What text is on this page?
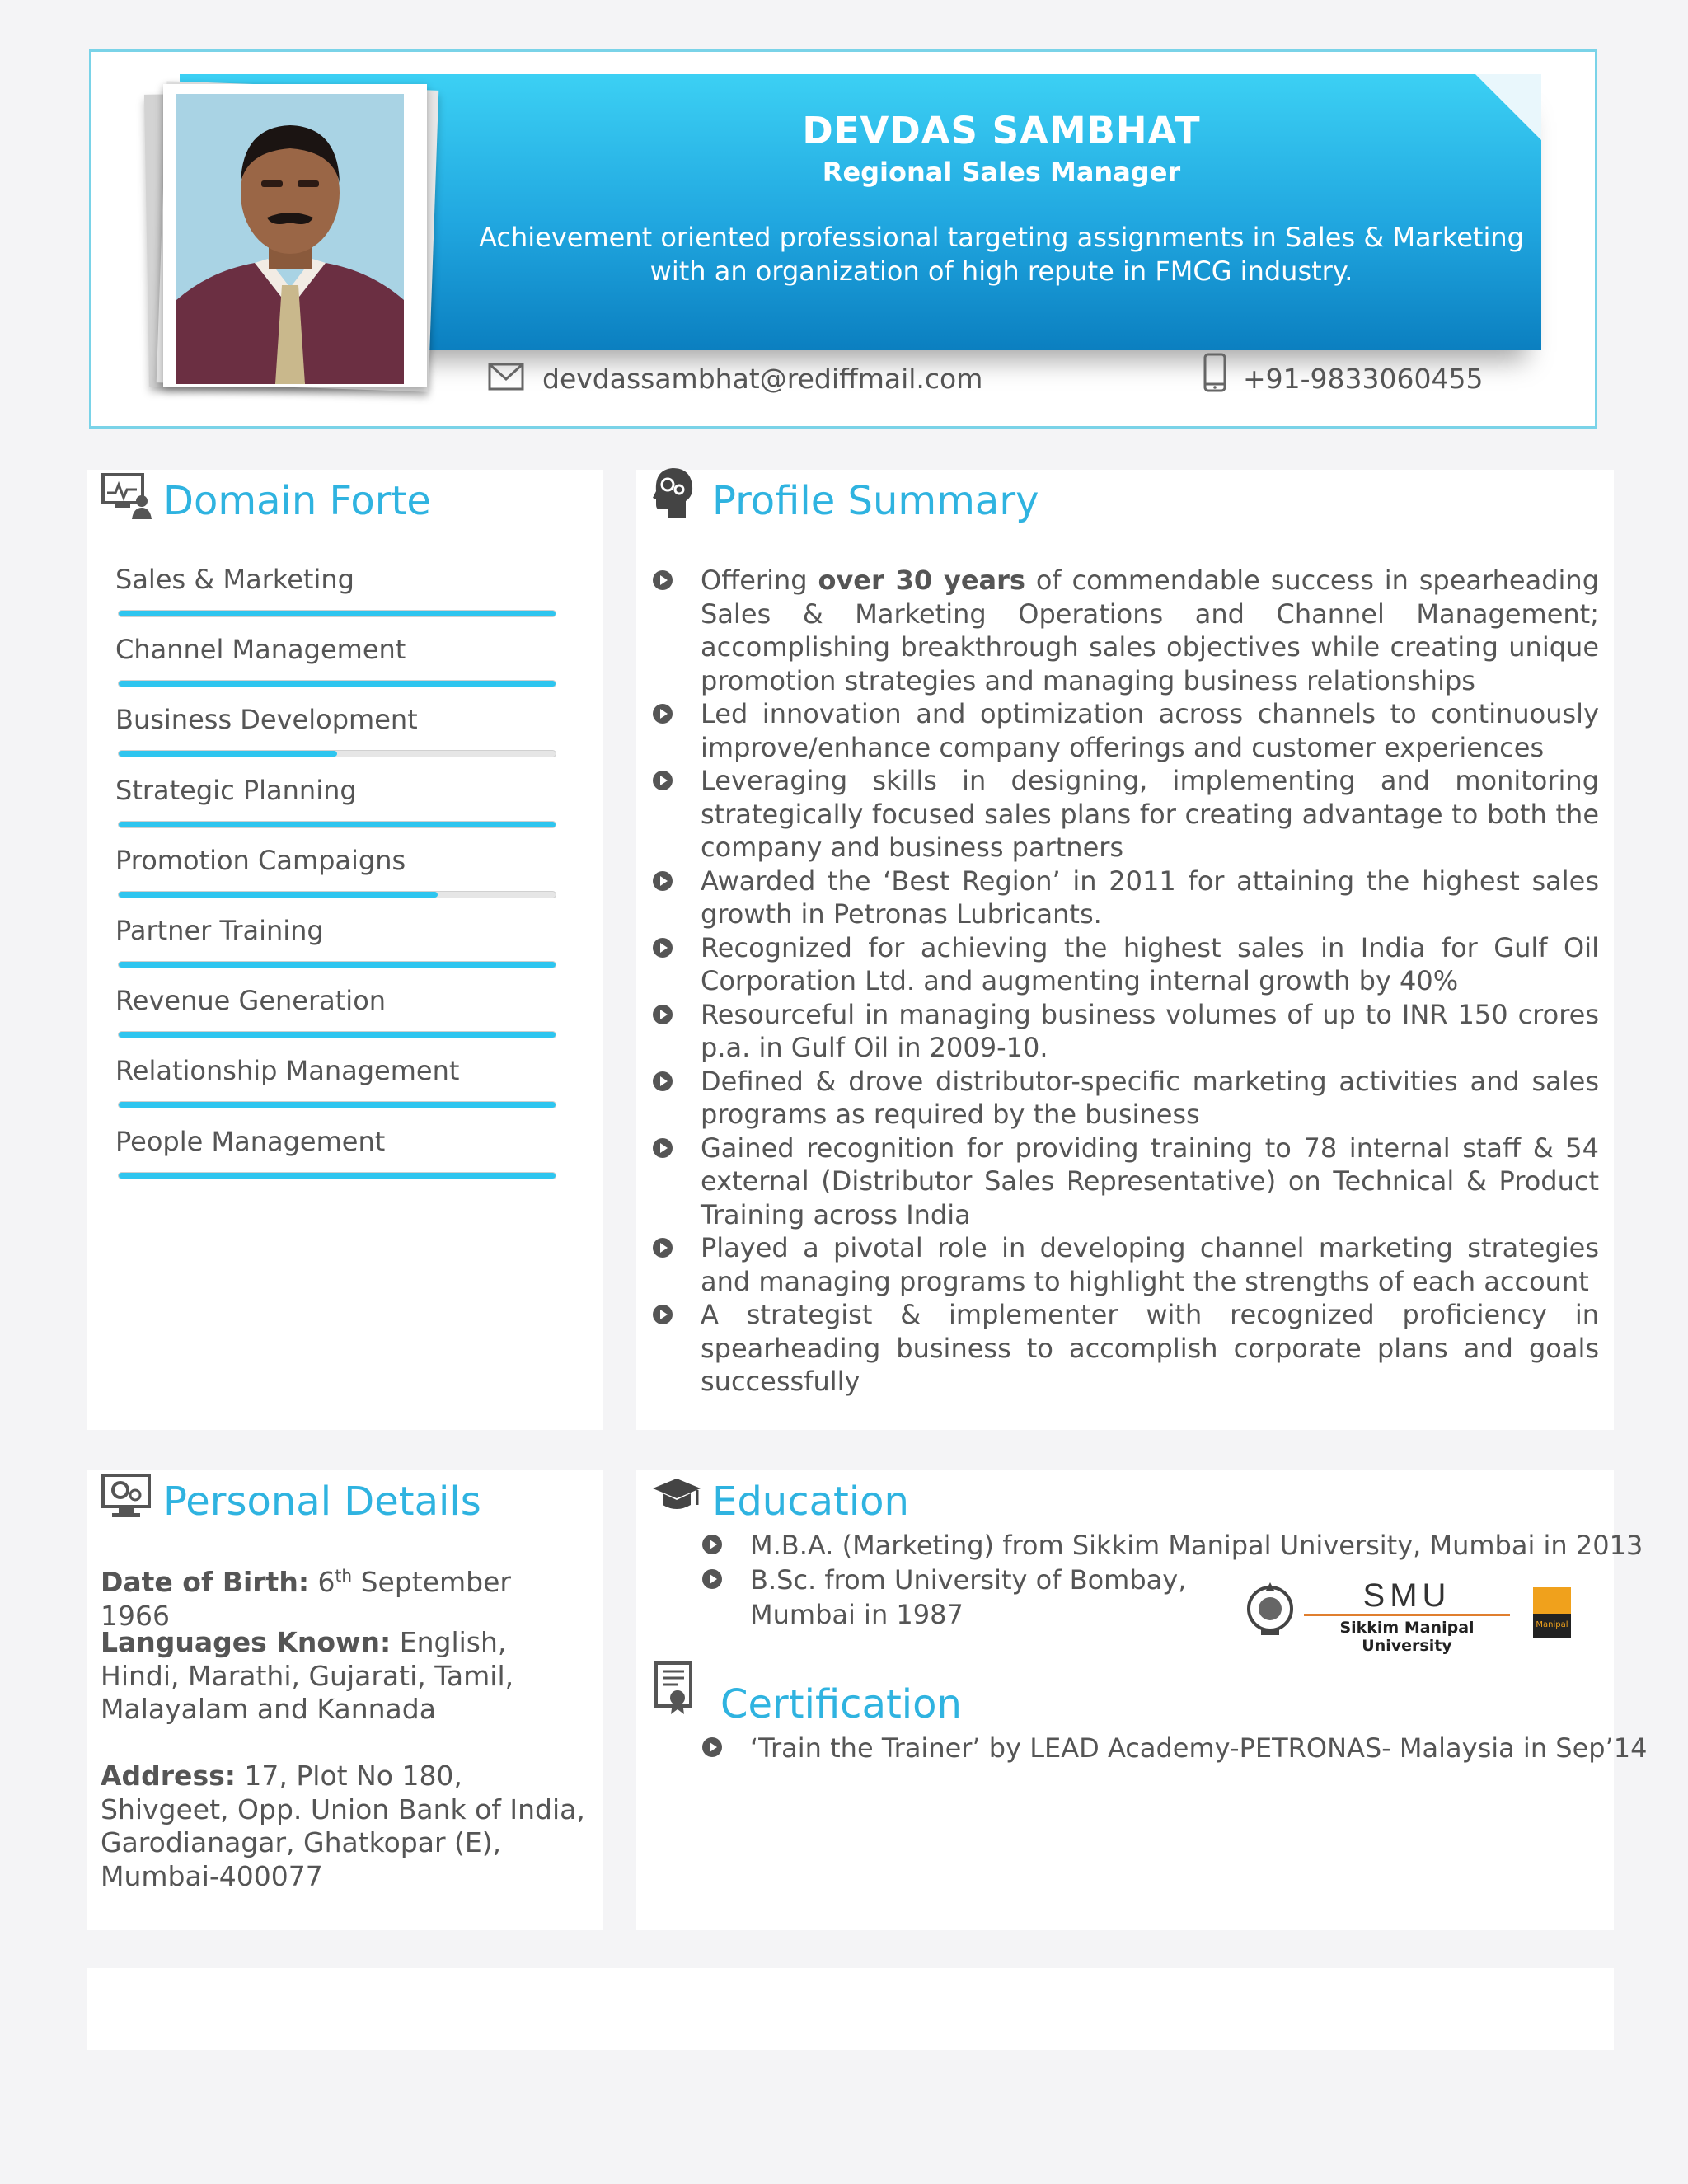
DEVDAS SAMBHAT
Regional Sales Manager
Achievement oriented professional targeting assignments in Sales & Marketing with an organization of high repute in FMCG industry.
devdassambhat@rediffmail.com	+91-9833060455
Domain Forte
Sales & Marketing
Channel Management
Business Development
Strategic Planning
Promotion Campaigns
Partner Training
Revenue Generation
Relationship Management
People Management
Profile Summary
Offering over 30 years of commendable success in spearheading Sales & Marketing Operations and Channel Management; accomplishing breakthrough sales objectives while creating unique promotion strategies and managing business relationships
Led innovation and optimization across channels to continuously improve/enhance company offerings and customer experiences
Leveraging skills in designing, implementing and monitoring strategically focused sales plans for creating advantage to both the company and business partners
Awarded the ‘Best Region’ in 2011 for attaining the highest sales growth in Petronas Lubricants.
Recognized for achieving the highest sales in India for Gulf Oil Corporation Ltd. and augmenting internal growth by 40%
Resourceful in managing business volumes of up to INR 150 crores p.a. in Gulf Oil in 2009-10.
Defined & drove distributor-specific marketing activities and sales programs as required by the business
Gained recognition for providing training to 78 internal staff & 54 external (Distributor Sales Representative) on Technical & Product Training across India
Played a pivotal role in developing channel marketing strategies and managing programs to highlight the strengths of each account
A strategist & implementer with recognized proficiency in spearheading business to accomplish corporate plans and goals successfully
Personal Details
Date of Birth: 6th September 1966
Languages Known: English, Hindi, Marathi, Gujarati, Tamil, Malayalam and Kannada
Address: 17, Plot No 180, Shivgeet, Opp. Union Bank of India, Garodianagar, Ghatkopar (E), Mumbai-400077
Education
M.B.A. (Marketing) from Sikkim Manipal University, Mumbai in 2013
B.Sc. from University of Bombay,
Mumbai in 1987
SMU
Sikkim Manipal University
Manipal
Certification
‘Train the Trainer’ by LEAD Academy-PETRONAS- Malaysia in Sep’14
